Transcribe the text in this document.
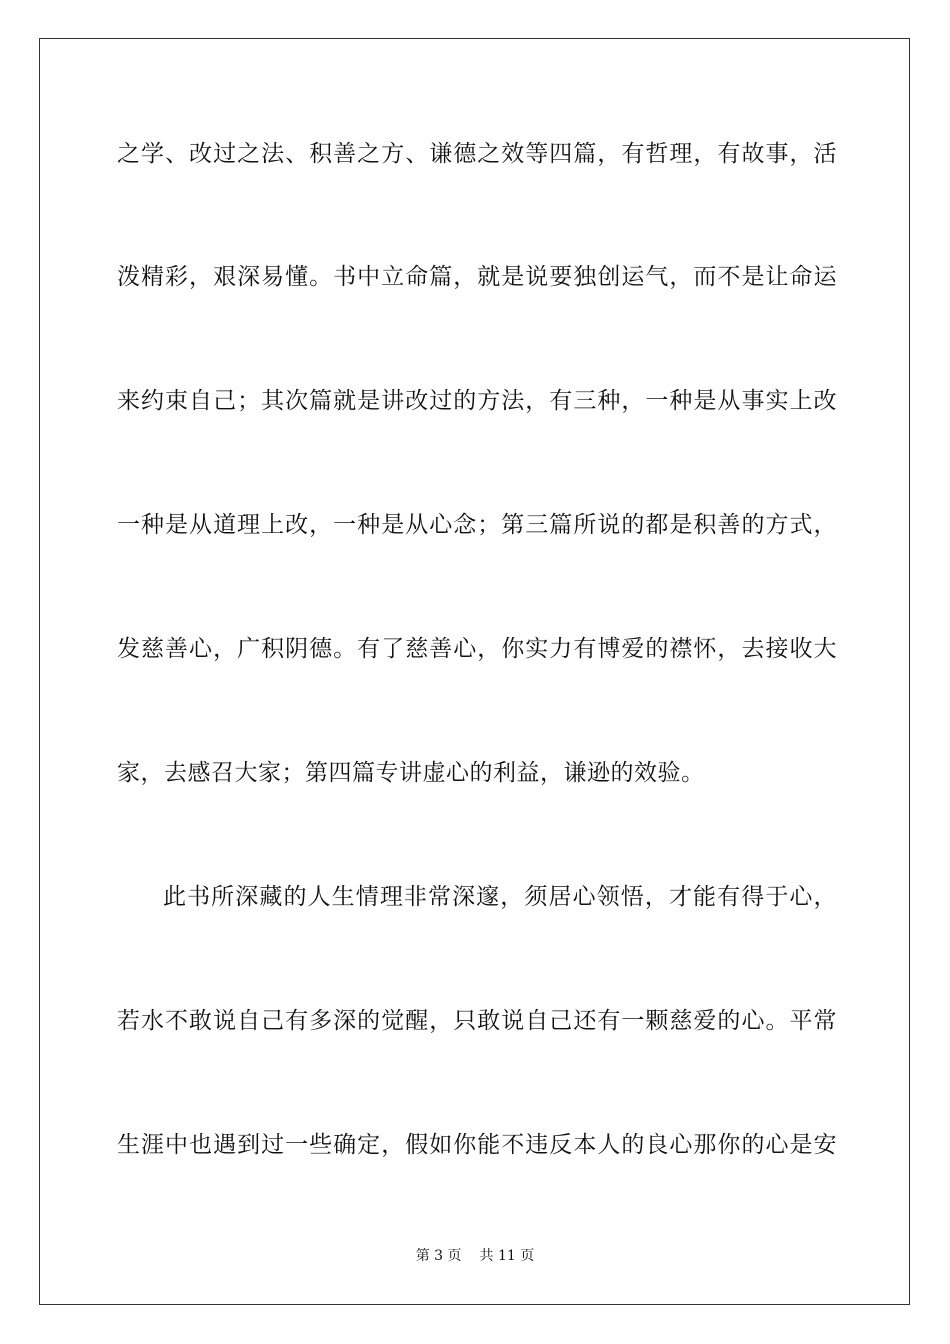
之学、改过之法、积善之方、谦德之效等四篇，有哲理，有故事，活
泼精彩，艰深易懂。书中立命篇，就是说要独创运气，而不是让命运
来约束自己；其次篇就是讲改过的方法，有三种，一种是从事实上改
一种是从道理上改，一种是从心念；第三篇所说的都是积善的方式，
发慈善心，广积阴德。有了慈善心，你实力有博爱的襟怀，去接收大
家，去感召大家；第四篇专讲虚心的利益，谦逊的效验。
此书所深藏的人生情理非常深邃，须居心领悟，才能有得于心，
若水不敢说自己有多深的觉醒，只敢说自己还有一颗慈爱的心。平常
生涯中也遇到过一些确定，假如你能不违反本人的良心那你的心是安
第 3 页 共 11 页
